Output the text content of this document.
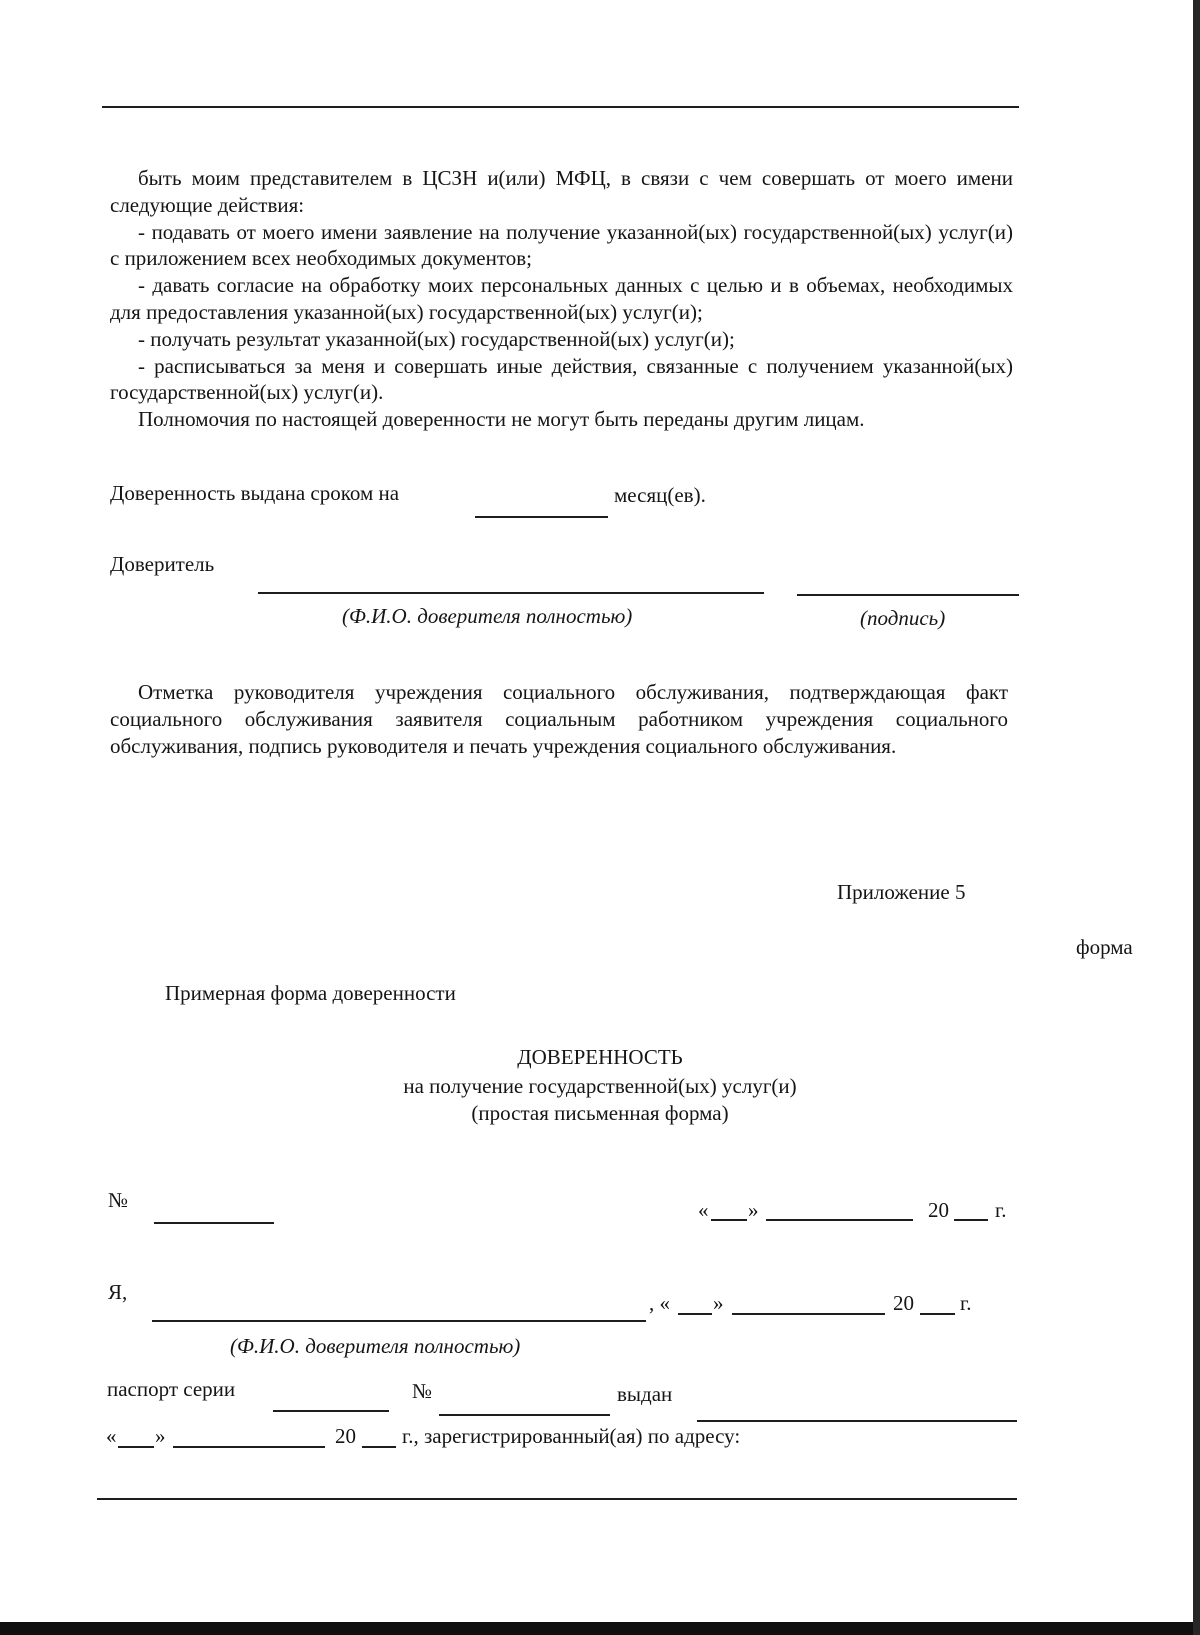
быть моим представителем в ЦСЗН и(или) МФЦ, в связи с чем совершать от моего имени следующие действия:

- подавать от моего имени заявление на получение указанной(ых) государственной(ых) услуг(и) с приложением всех необходимых документов;

- давать согласие на обработку моих персональных данных с целью и в объемах, необходимых для предоставления указанной(ых) государственной(ых) услуг(и);

- получать результат указанной(ых) государственной(ых) услуг(и);

- расписываться за меня и совершать иные действия, связанные с получением указанной(ых) государственной(ых) услуг(и).

Полномочия по настоящей доверенности не могут быть переданы другим лицам.

Доверенность выдана сроком на	месяц(ев).
Доверитель
(Ф.И.О. доверителя полностью)	(подпись)

Отметка руководителя учреждения социального обслуживания, подтверждающая факт социального обслуживания заявителя социальным работником учреждения социального обслуживания, подпись руководителя и печать учреждения социального обслуживания.

Приложение 5
форма
Примерная форма доверенности
ДОВЕРЕННОСТЬ
на получение государственной(ых) услуг(и)
(простая письменная форма)
№	« »	20 г.
Я,	, « »	20 г.
(Ф.И.О. доверителя полностью)
паспорт серии	№	выдан
« »	20 г., зарегистрированный(ая) по адресу:
